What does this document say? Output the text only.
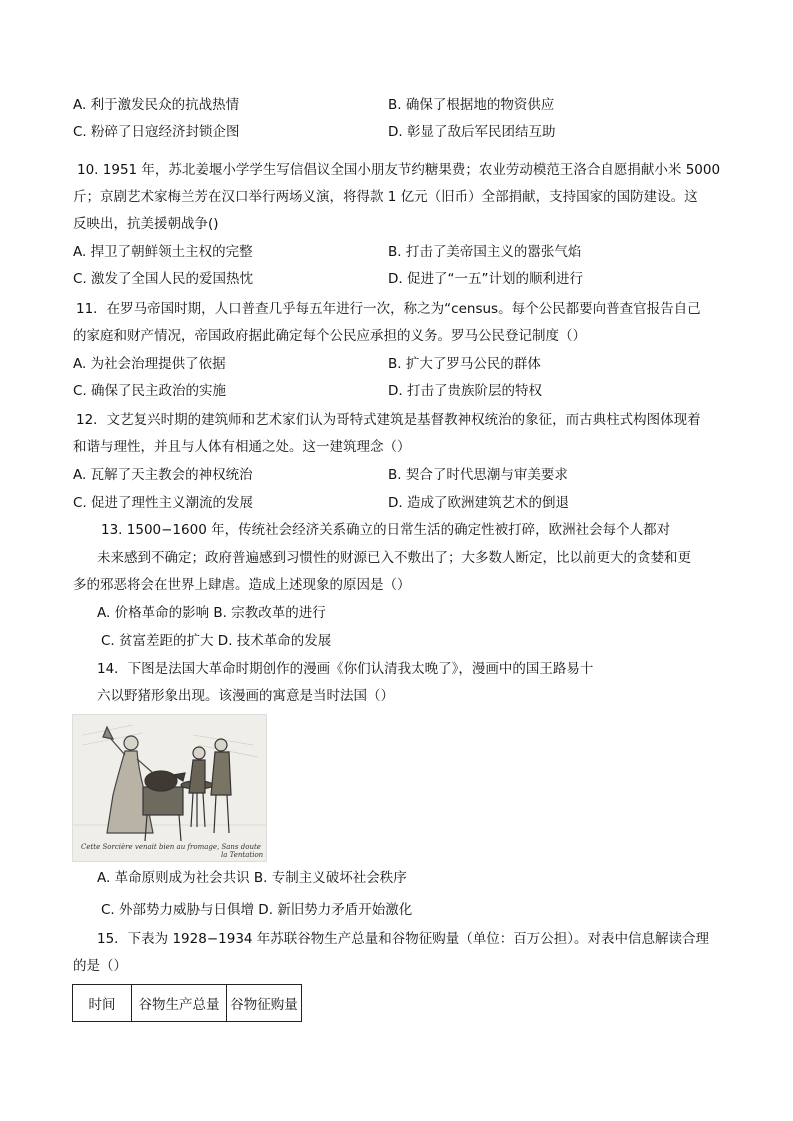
A. 利于激发民众的抗战热情	B. 确保了根据地的物资供应
C. 粉碎了日寇经济封锁企图	D. 彰显了敌后军民团结互助
10. 1951 年，苏北姜堰小学学生写信倡议全国小朋友节约糖果费；农业劳动模范王洛合自愿捐献小米 5000
斤；京剧艺术家梅兰芳在汉口举行两场义演，将得款 1 亿元（旧币）全部捐献，支持国家的国防建设。这
反映出，抗美援朝战争()
A. 捍卫了朝鲜领土主权的完整	B. 打击了美帝国主义的嚣张气焰
C. 激发了全国人民的爱国热忱	D. 促进了“一五”计划的顺利进行
11．在罗马帝国时期，人口普查几乎每五年进行一次，称之为“census。每个公民都要向普查官报告自己
的家庭和财产情况，帝国政府据此确定每个公民应承担的义务。罗马公民登记制度（）
A. 为社会治理提供了依据	B. 扩大了罗马公民的群体
C. 确保了民主政治的实施	D. 打击了贵族阶层的特权
12．文艺复兴时期的建筑师和艺术家们认为哥特式建筑是基督教神权统治的象征，而古典柱式构图体现着
和谐与理性，并且与人体有相通之处。这一建筑理念（）
A. 瓦解了天主教会的神权统治	B. 契合了时代思潮与审美要求
C. 促进了理性主义潮流的发展	D. 造成了欧洲建筑艺术的倒退
13. 1500−1600 年，传统社会经济关系确立的日常生活的确定性被打碎，欧洲社会每个人都对
未来感到不确定；政府普遍感到习惯性的财源已入不敷出了；大多数人断定，比以前更大的贪婪和更
多的邪恶将会在世界上肆虐。造成上述现象的原因是（）
A. 价格革命的影响 B. 宗教改革的进行
C. 贫富差距的扩大 D. 技术革命的发展
14．下图是法国大革命时期创作的漫画《你们认清我太晚了》，漫画中的国王路易十
六以野猪形象出现。该漫画的寓意是当时法国（）
Cette Sorcière venait bien au fromage, Sans doute
la Tentation
A. 革命原则成为社会共识 B. 专制主义破坏社会秩序
C. 外部势力威胁与日俱增 D. 新旧势力矛盾开始激化
15．下表为 1928−1934 年苏联谷物生产总量和谷物征购量（单位：百万公担）。对表中信息解读合理
的是（）
时间	谷物生产总量	谷物征购量
